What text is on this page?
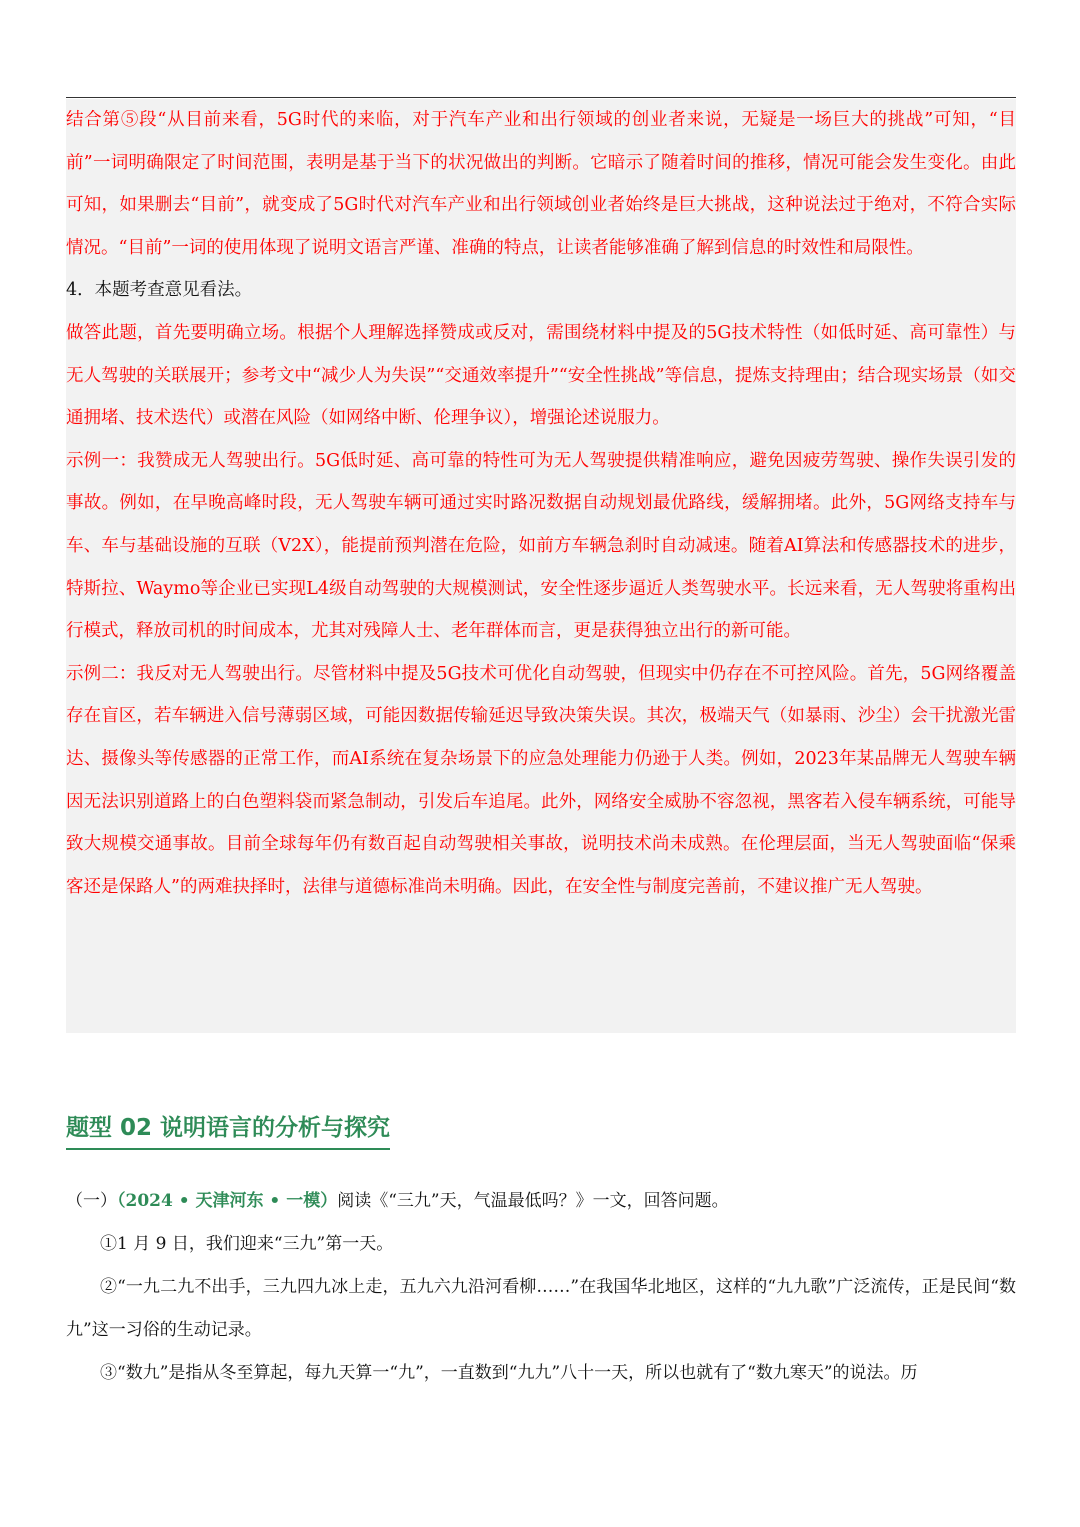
结合第⑤段“从目前来看，5G时代的来临，对于汽车产业和出行领域的创业者来说，无疑是一场巨大的挑战”可知，“目前”一词明确限定了时间范围，表明是基于当下的状况做出的判断。它暗示了随着时间的推移，情况可能会发生变化。由此可知，如果删去“目前”，就变成了5G时代对汽车产业和出行领域创业者始终是巨大挑战，这种说法过于绝对，不符合实际情况。“目前”一词的使用体现了说明文语言严谨、准确的特点，让读者能够准确了解到信息的时效性和局限性。

4．本题考查意见看法。

做答此题，首先要明确立场。根据个人理解选择赞成或反对，需围绕材料中提及的5G技术特性（如低时延、高可靠性）与无人驾驶的关联展开；参考文中“减少人为失误”“交通效率提升”“安全性挑战”等信息，提炼支持理由；结合现实场景（如交通拥堵、技术迭代）或潜在风险（如网络中断、伦理争议），增强论述说服力。

示例一：我赞成无人驾驶出行。5G低时延、高可靠的特性可为无人驾驶提供精准响应，避免因疲劳驾驶、操作失误引发的事故。例如，在早晚高峰时段，无人驾驶车辆可通过实时路况数据自动规划最优路线，缓解拥堵。此外，5G网络支持车与车、车与基础设施的互联（V2X），能提前预判潜在危险，如前方车辆急刹时自动减速。随着AI算法和传感器技术的进步，特斯拉、Waymo等企业已实现L4级自动驾驶的大规模测试，安全性逐步逼近人类驾驶水平。长远来看，无人驾驶将重构出行模式，释放司机的时间成本，尤其对残障人士、老年群体而言，更是获得独立出行的新可能。

示例二：我反对无人驾驶出行。尽管材料中提及5G技术可优化自动驾驶，但现实中仍存在不可控风险。首先，5G网络覆盖存在盲区，若车辆进入信号薄弱区域，可能因数据传输延迟导致决策失误。其次，极端天气（如暴雨、沙尘）会干扰激光雷达、摄像头等传感器的正常工作，而AI系统在复杂场景下的应急处理能力仍逊于人类。例如，2023年某品牌无人驾驶车辆因无法识别道路上的白色塑料袋而紧急制动，引发后车追尾。此外，网络安全威胁不容忽视，黑客若入侵车辆系统，可能导致大规模交通事故。目前全球每年仍有数百起自动驾驶相关事故，说明技术尚未成熟。在伦理层面，当无人驾驶面临“保乘客还是保路人”的两难抉择时，法律与道德标准尚未明确。因此，在安全性与制度完善前，不建议推广无人驾驶。

题型 02 说明语言的分析与探究

（一）（2024 • 天津河东 • 一模）阅读《“三九”天，气温最低吗？》一文，回答问题。

①1 月 9 日，我们迎来“三九”第一天。

②“一九二九不出手，三九四九冰上走，五九六九沿河看柳……”在我国华北地区，这样的“九九歌”广泛流传，正是民间“数九”这一习俗的生动记录。

③“数九”是指从冬至算起，每九天算一“九”，一直数到“九九”八十一天，所以也就有了“数九寒天”的说法。历
